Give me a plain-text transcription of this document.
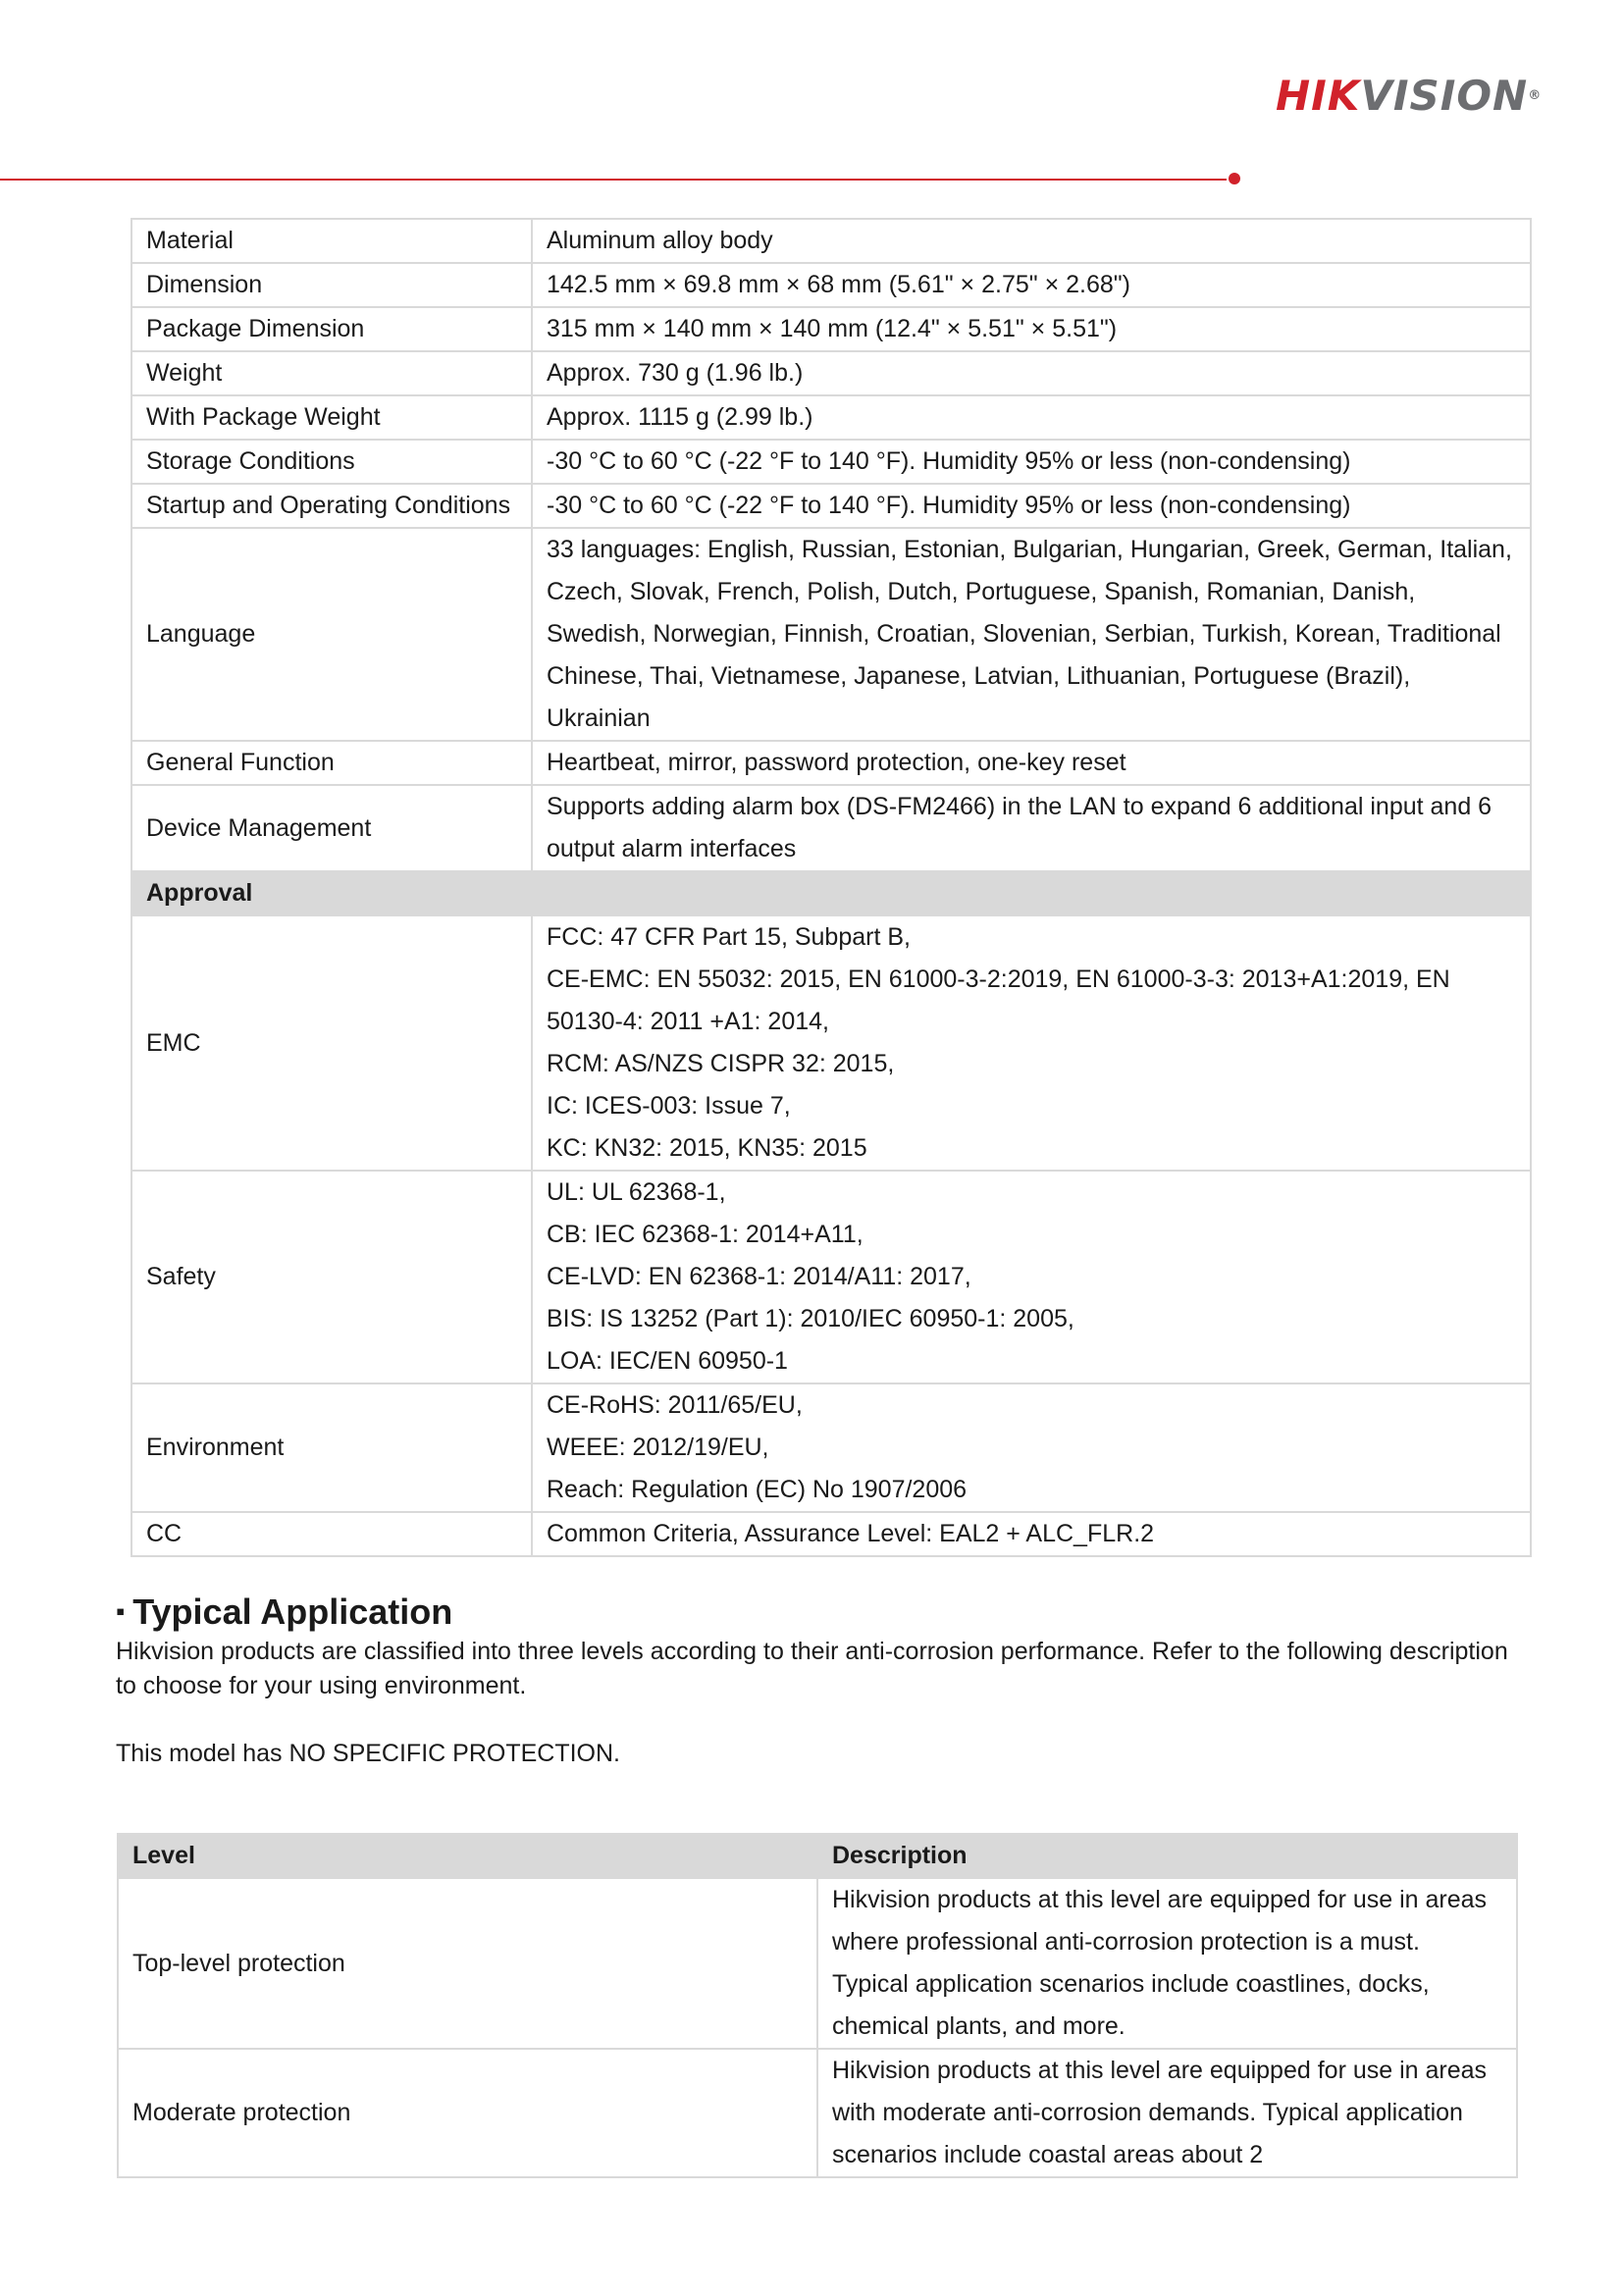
HIKVISION®
Material	Aluminum alloy body

Dimension	142.5 mm × 69.8 mm × 68 mm (5.61" × 2.75" × 2.68")

Package Dimension	315 mm × 140 mm × 140 mm (12.4" × 5.51" × 5.51")

Weight	Approx. 730 g (1.96 lb.)

With Package Weight	Approx. 1115 g (2.99 lb.)

Storage Conditions	-30 °C to 60 °C (-22 °F to 140 °F). Humidity 95% or less (non-condensing)

Startup and Operating Conditions	-30 °C to 60 °C (-22 °F to 140 °F). Humidity 95% or less (non-condensing)

Language	33 languages: English, Russian, Estonian, Bulgarian, Hungarian, Greek, German, Italian, Czech, Slovak, French, Polish, Dutch, Portuguese, Spanish, Romanian, Danish, Swedish, Norwegian, Finnish, Croatian, Slovenian, Serbian, Turkish, Korean, Traditional Chinese, Thai, Vietnamese, Japanese, Latvian, Lithuanian, Portuguese (Brazil), Ukrainian

General Function	Heartbeat, mirror, password protection, one-key reset

Device Management	Supports adding alarm box (DS-FM2466) in the LAN to expand 6 additional input and 6 output alarm interfaces

Approval	
EMC	FCC: 47 CFR Part 15, Subpart B,
CE-EMC: EN 55032: 2015, EN 61000-3-2:2019, EN 61000-3-3: 2013+A1:2019, EN 50130-4: 2011 +A1: 2014,
RCM: AS/NZS CISPR 32: 2015,
IC: ICES-003: Issue 7,
KC: KN32: 2015, KN35: 2015

Safety	UL: UL 62368-1,
CB: IEC 62368-1: 2014+A11,
CE-LVD: EN 62368-1: 2014/A11: 2017,
BIS: IS 13252 (Part 1): 2010/IEC 60950-1: 2005,
LOA: IEC/EN 60950-1

Environment	CE-RoHS: 2011/65/EU,
WEEE: 2012/19/EU,
Reach: Regulation (EC) No 1907/2006

CC	Common Criteria, Assurance Level: EAL2 + ALC_FLR.2
▪ Typical Application
Hikvision products are classified into three levels according to their anti-corrosion performance. Refer to the following description to choose for your using environment.
This model has NO SPECIFIC PROTECTION.
Level	Description
Top-level protection	Hikvision products at this level are equipped for use in areas where professional anti-corrosion protection is a must. Typical application scenarios include coastlines, docks, chemical plants, and more.
Moderate protection	Hikvision products at this level are equipped for use in areas with moderate anti-corrosion demands. Typical application scenarios include coastal areas about 2
